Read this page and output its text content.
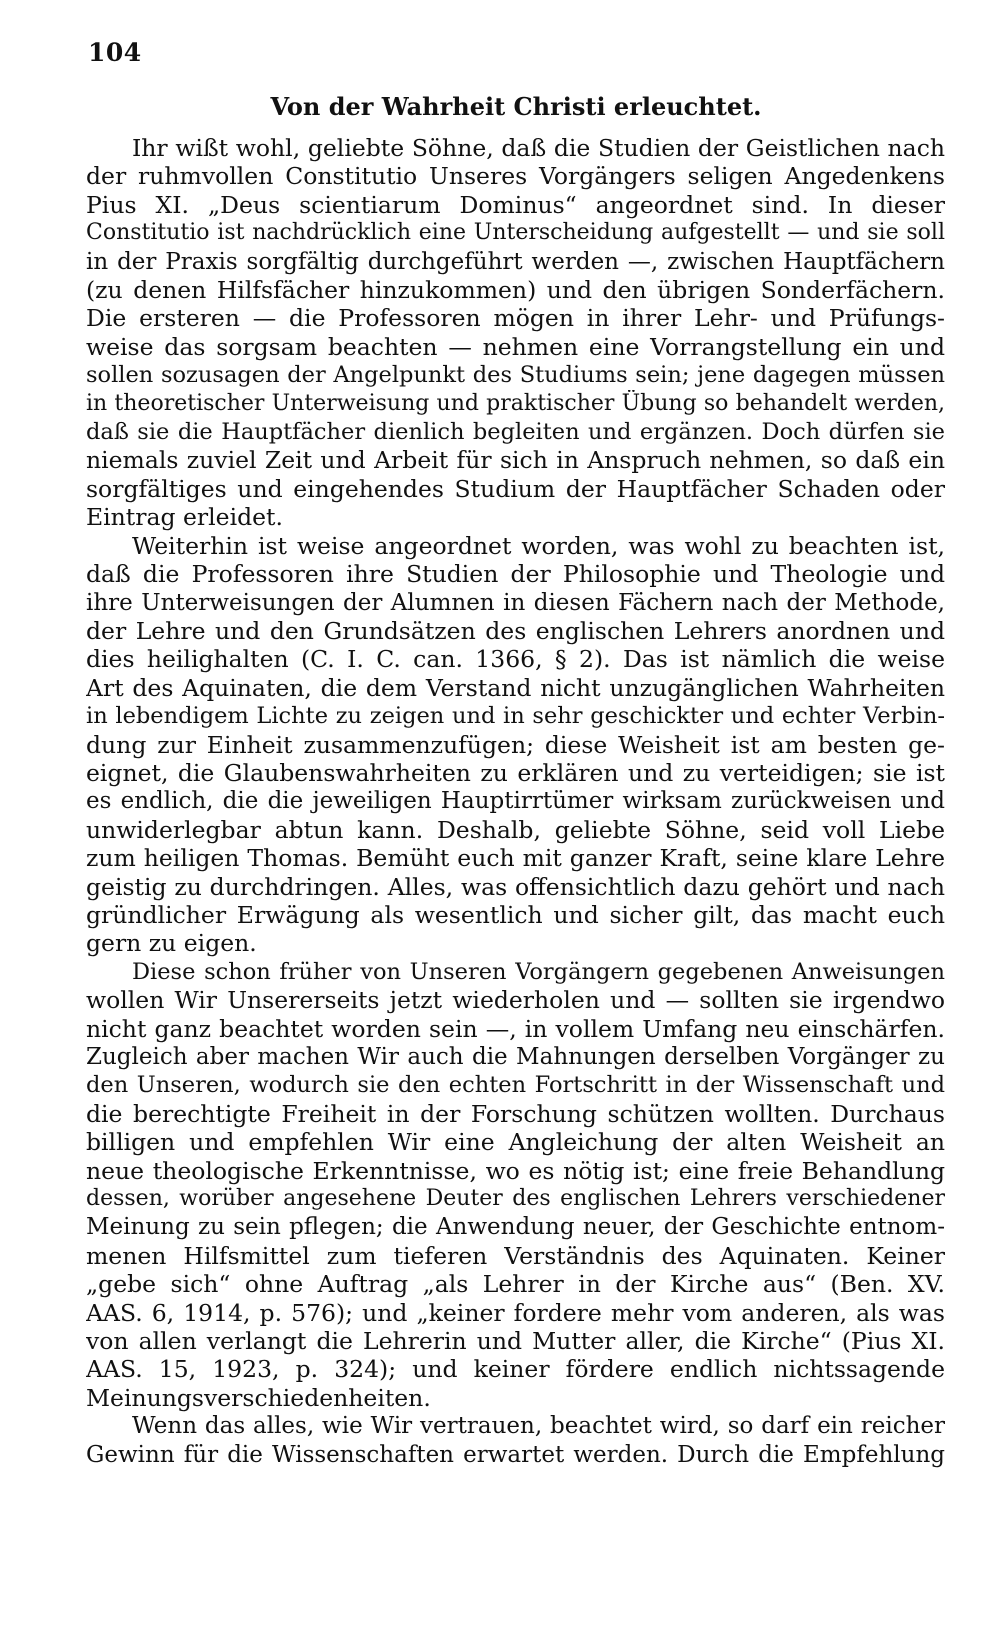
104

Von der Wahrheit Christi erleuchtet.
Ihr wißt wohl, geliebte Söhne, daß die Studien der Geistlichen nach
der ruhmvollen Constitutio Unseres Vorgängers seligen Angedenkens
Pius XI. „Deus scientiarum Dominus“ angeordnet sind. In dieser
Constitutio ist nachdrücklich eine Unterscheidung aufgestellt — und sie soll
in der Praxis sorgfältig durchgeführt werden —, zwischen Hauptfächern
(zu denen Hilfsfächer hinzukommen) und den übrigen Sonderfächern.
Die ersteren — die Professoren mögen in ihrer Lehr- und Prüfungs-
weise das sorgsam beachten — nehmen eine Vorrangstellung ein und
sollen sozusagen der Angelpunkt des Studiums sein; jene dagegen müssen
in theoretischer Unterweisung und praktischer Übung so behandelt werden,
daß sie die Hauptfächer dienlich begleiten und ergänzen. Doch dürfen sie
niemals zuviel Zeit und Arbeit für sich in Anspruch nehmen, so daß ein
sorgfältiges und eingehendes Studium der Hauptfächer Schaden oder
Eintrag erleidet.
Weiterhin ist weise angeordnet worden, was wohl zu beachten ist,
daß die Professoren ihre Studien der Philosophie und Theologie und
ihre Unterweisungen der Alumnen in diesen Fächern nach der Methode,
der Lehre und den Grundsätzen des englischen Lehrers anordnen und
dies heilighalten (C. I. C. can. 1366, § 2). Das ist nämlich die weise
Art des Aquinaten, die dem Verstand nicht unzugänglichen Wahrheiten
in lebendigem Lichte zu zeigen und in sehr geschickter und echter Verbin-
dung zur Einheit zusammenzufügen; diese Weisheit ist am besten ge-
eignet, die Glaubenswahrheiten zu erklären und zu verteidigen; sie ist
es endlich, die die jeweiligen Hauptirrtümer wirksam zurückweisen und
unwiderlegbar abtun kann. Deshalb, geliebte Söhne, seid voll Liebe
zum heiligen Thomas. Bemüht euch mit ganzer Kraft, seine klare Lehre
geistig zu durchdringen. Alles, was offensichtlich dazu gehört und nach
gründlicher Erwägung als wesentlich und sicher gilt, das macht euch
gern zu eigen.
Diese schon früher von Unseren Vorgängern gegebenen Anweisungen
wollen Wir Unsererseits jetzt wiederholen und — sollten sie irgendwo
nicht ganz beachtet worden sein —, in vollem Umfang neu einschärfen.
Zugleich aber machen Wir auch die Mahnungen derselben Vorgänger zu
den Unseren, wodurch sie den echten Fortschritt in der Wissenschaft und
die berechtigte Freiheit in der Forschung schützen wollten. Durchaus
billigen und empfehlen Wir eine Angleichung der alten Weisheit an
neue theologische Erkenntnisse, wo es nötig ist; eine freie Behandlung
dessen, worüber angesehene Deuter des englischen Lehrers verschiedener
Meinung zu sein pflegen; die Anwendung neuer, der Geschichte entnom-
menen Hilfsmittel zum tieferen Verständnis des Aquinaten. Keiner
„gebe sich“ ohne Auftrag „als Lehrer in der Kirche aus“ (Ben. XV.
AAS. 6, 1914, p. 576); und „keiner fordere mehr vom anderen, als was
von allen verlangt die Lehrerin und Mutter aller, die Kirche“ (Pius XI.
AAS. 15, 1923, p. 324); und keiner fördere endlich nichtssagende
Meinungsverschiedenheiten.
Wenn das alles, wie Wir vertrauen, beachtet wird, so darf ein reicher
Gewinn für die Wissenschaften erwartet werden. Durch die Empfehlung
